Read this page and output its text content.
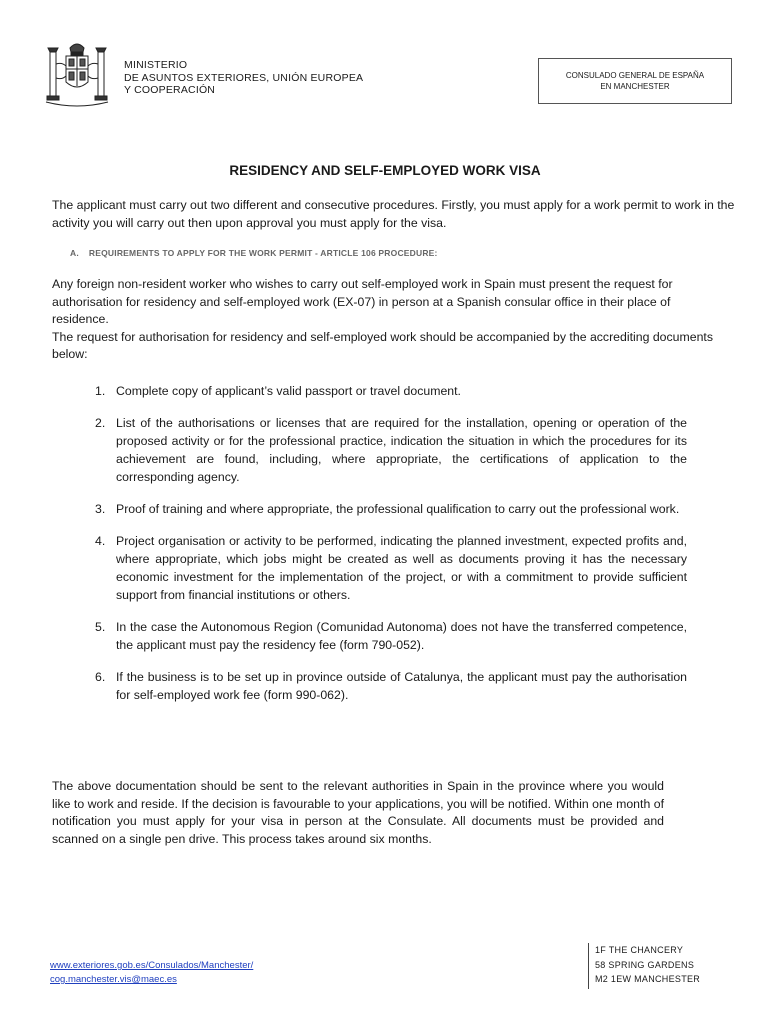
MINISTERIO
DE ASUNTOS EXTERIORES, UNIÓN EUROPEA
Y COOPERACIÓN
CONSULADO GENERAL DE ESPAÑA
EN MANCHESTER
RESIDENCY AND SELF-EMPLOYED WORK VISA
The applicant must carry out two different and consecutive procedures. Firstly, you must apply for a work permit to work in the activity you will carry out then upon approval you must apply for the visa.
A. REQUIREMENTS TO APPLY FOR THE WORK PERMIT - ARTICLE 106 PROCEDURE:
Any foreign non-resident worker who wishes to carry out self-employed work in Spain must present the request for authorisation for residency and self-employed work (EX-07) in person at a Spanish consular office in their place of residence.
The request for authorisation for residency and self-employed work should be accompanied by the accrediting documents below:
1. Complete copy of applicant’s valid passport or travel document.
2. List of the authorisations or licenses that are required for the installation, opening or operation of the proposed activity or for the professional practice, indication the situation in which the procedures for its achievement are found, including, where appropriate, the certifications of application to the corresponding agency.
3. Proof of training and where appropriate, the professional qualification to carry out the professional work.
4. Project organisation or activity to be performed, indicating the planned investment, expected profits and, where appropriate, which jobs might be created as well as documents proving it has the necessary economic investment for the implementation of the project, or with a commitment to provide sufficient support from financial institutions or others.
5. In the case the Autonomous Region (Comunidad Autonoma) does not have the transferred competence, the applicant must pay the residency fee (form 790-052).
6. If the business is to be set up in province outside of Catalunya, the applicant must pay the authorisation for self-employed work fee (form 990-062).
The above documentation should be sent to the relevant authorities in Spain in the province where you would like to work and reside. If the decision is favourable to your applications, you will be notified. Within one month of notification you must apply for your visa in person at the Consulate. All documents must be provided and scanned on a single pen drive. This process takes around six months.
www.exteriores.gob.es/Consulados/Manchester/
cog.manchester.vis@maec.es
1F THE CHANCERY
58 SPRING GARDENS
M2 1EW MANCHESTER
